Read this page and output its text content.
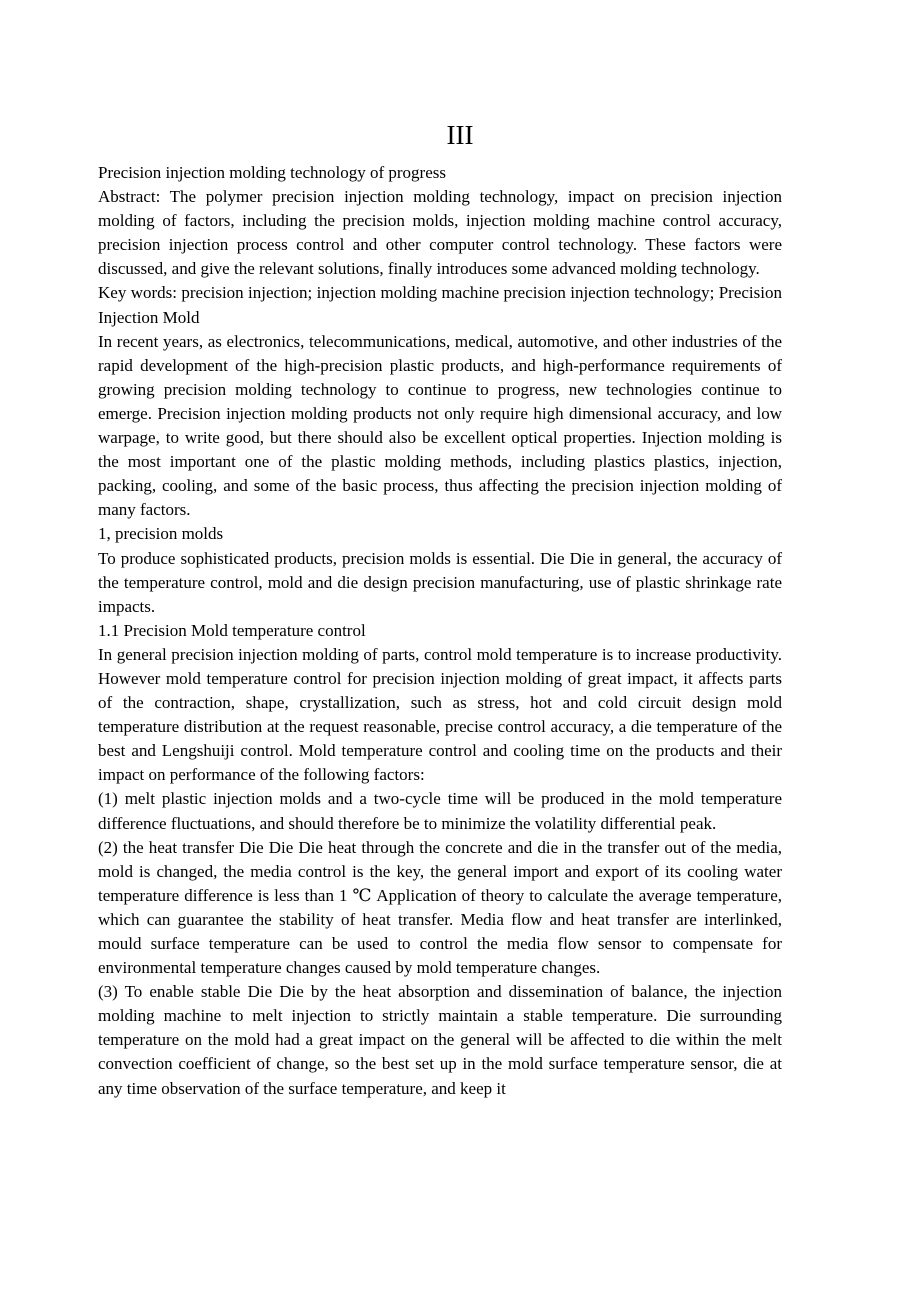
III

Precision injection molding technology of progress

Abstract: The polymer precision injection molding technology, impact on precision injection molding of factors, including the precision molds, injection molding machine control accuracy, precision injection process control and other computer control technology. These factors were discussed, and give the relevant solutions, finally introduces some advanced molding technology.

Key words: precision injection; injection molding machine precision injection technology; Precision Injection Mold

In recent years, as electronics, telecommunications, medical, automotive, and other industries of the rapid development of the high-precision plastic products, and high-performance requirements of growing precision molding technology to continue to progress, new technologies continue to emerge. Precision injection molding products not only require high dimensional accuracy, and low warpage, to write good, but there should also be excellent optical properties. Injection molding is the most important one of the plastic molding methods, including plastics plastics, injection, packing, cooling, and some of the basic process, thus affecting the precision injection molding of many factors.

1, precision molds

To produce sophisticated products, precision molds is essential. Die Die in general, the accuracy of the temperature control, mold and die design precision manufacturing, use of plastic shrinkage rate impacts.

1.1 Precision Mold temperature control

In general precision injection molding of parts, control mold temperature is to increase productivity. However mold temperature control for precision injection molding of great impact, it affects parts of the contraction, shape, crystallization, such as stress, hot and cold circuit design mold temperature distribution at the request reasonable, precise control accuracy, a die temperature of the best and Lengshuiji control. Mold temperature control and cooling time on the products and their impact on performance of the following factors:

(1) melt plastic injection molds and a two-cycle time will be produced in the mold temperature difference fluctuations, and should therefore be to minimize the volatility differential peak.

(2) the heat transfer Die Die Die heat through the concrete and die in the transfer out of the media, mold is changed, the media control is the key, the general import and export of its cooling water temperature difference is less than 1 ℃ Application of theory to calculate the average temperature, which can guarantee the stability of heat transfer. Media flow and heat transfer are interlinked, mould surface temperature can be used to control the media flow sensor to compensate for environmental temperature changes caused by mold temperature changes.

(3) To enable stable Die Die by the heat absorption and dissemination of balance, the injection molding machine to melt injection to strictly maintain a stable temperature. Die surrounding temperature on the mold had a great impact on the general will be affected to die within the melt convection coefficient of change, so the best set up in the mold surface temperature sensor, die at any time observation of the surface temperature, and keep it
